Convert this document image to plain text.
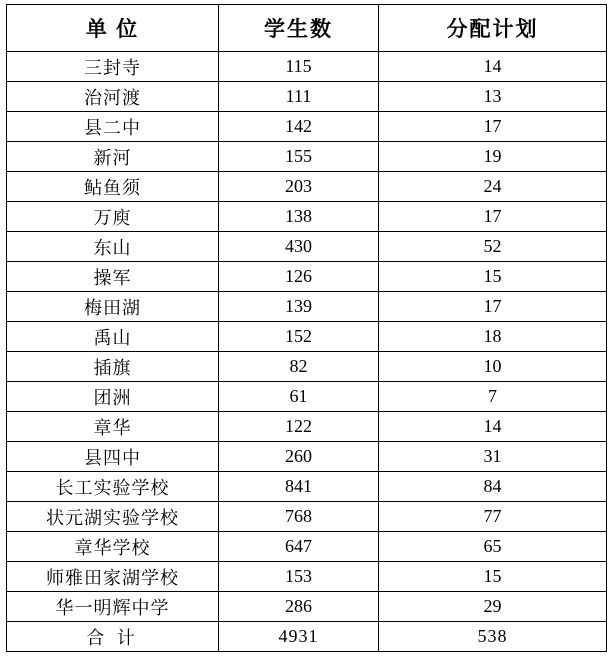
单 位	学生数	分配计划
三封寺	115	14
治河渡	111	13
县二中	142	17
新河	155	19
鲇鱼须	203	24
万庾	138	17
东山	430	52
操军	126	15
梅田湖	139	17
禹山	152	18
插旗	82	10
团洲	61	7
章华	122	14
县四中	260	31
长工实验学校	841	84
状元湖实验学校	768	77
章华学校	647	65
师雅田家湖学校	153	15
华一明辉中学	286	29
合 计	4931	538
